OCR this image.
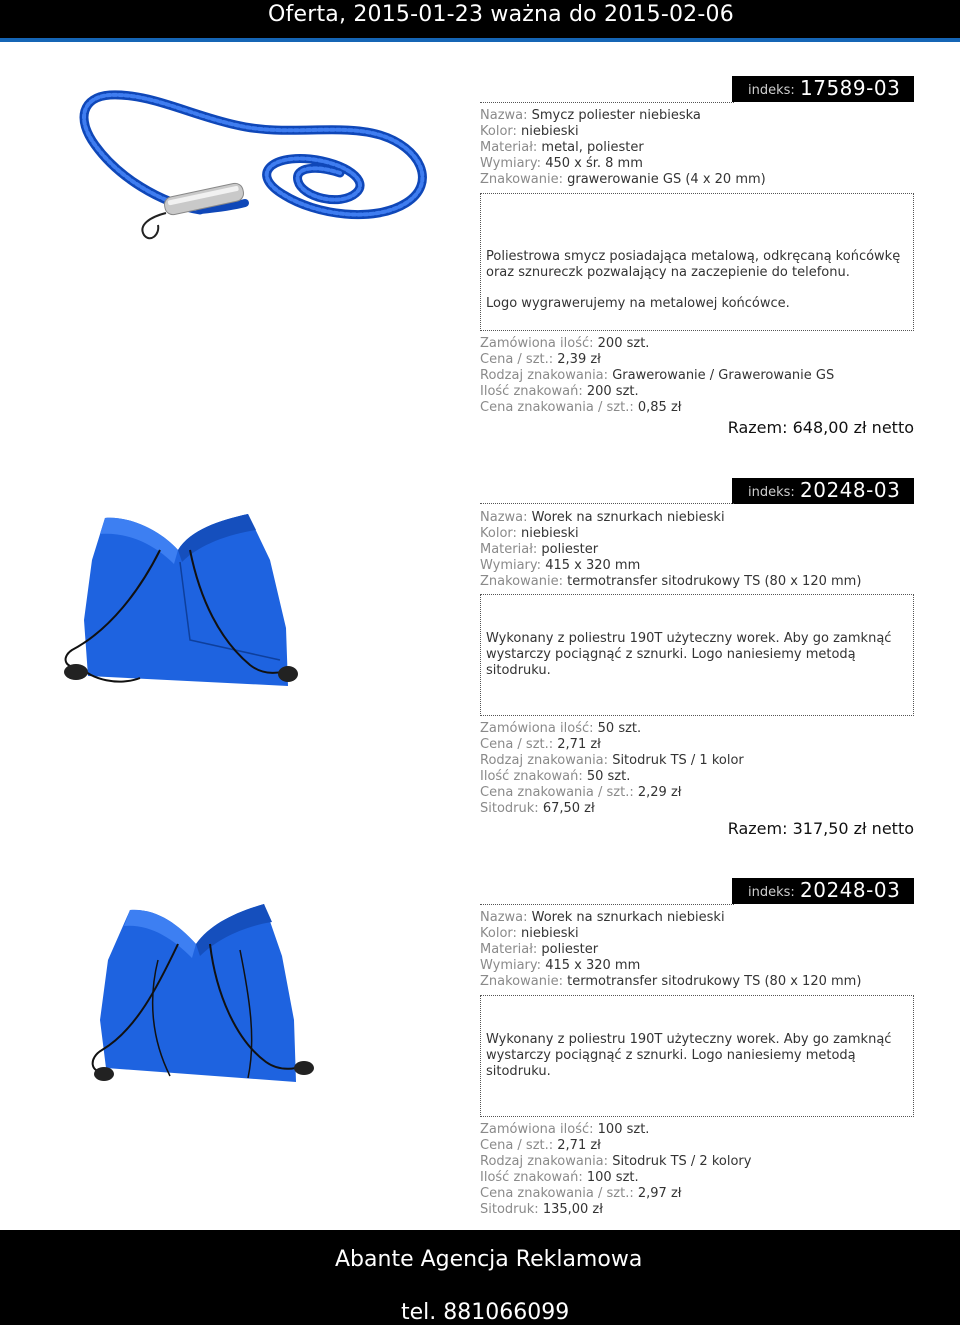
Oferta, 2015-01-23 ważna do 2015-02-06
indeks: 17589-03
Nazwa: Smycz poliester niebieska
Kolor: niebieski
Materiał: metal, poliester
Wymiary: 450 x śr. 8 mm
Znakowanie: grawerowanie GS (4 x 20 mm)

Poliestrowa smycz posiadająca metalową, odkręcaną końcówkę oraz sznureczk pozwalający na zaczepienie do telefonu.

Logo wygrawerujemy na metalowej końcówce.

Zamówiona ilość: 200 szt.
Cena / szt.: 2,39 zł
Rodzaj znakowania: Grawerowanie / Grawerowanie GS
Ilość znakowań: 200 szt.
Cena znakowania / szt.: 0,85 zł
Razem: 648,00 zł netto
indeks: 20248-03
Nazwa: Worek na sznurkach niebieski
Kolor: niebieski
Materiał: poliester
Wymiary: 415 x 320 mm
Znakowanie: termotransfer sitodrukowy TS (80 x 120 mm)

Wykonany z poliestru 190T użyteczny worek. Aby go zamknąć wystarczy pociągnąć z sznurki. Logo naniesiemy metodą sitodruku.

Zamówiona ilość: 50 szt.
Cena / szt.: 2,71 zł
Rodzaj znakowania: Sitodruk TS / 1 kolor
Ilość znakowań: 50 szt.
Cena znakowania / szt.: 2,29 zł
Sitodruk: 67,50 zł
Razem: 317,50 zł netto
indeks: 20248-03
Nazwa: Worek na sznurkach niebieski
Kolor: niebieski
Materiał: poliester
Wymiary: 415 x 320 mm
Znakowanie: termotransfer sitodrukowy TS (80 x 120 mm)

Wykonany z poliestru 190T użyteczny worek. Aby go zamknąć wystarczy pociągnąć z sznurki. Logo naniesiemy metodą sitodruku.

Zamówiona ilość: 100 szt.
Cena / szt.: 2,71 zł
Rodzaj znakowania: Sitodruk TS / 2 kolory
Ilość znakowań: 100 szt.
Cena znakowania / szt.: 2,97 zł
Sitodruk: 135,00 zł
Abante Agencja Reklamowa
tel. 881066099
